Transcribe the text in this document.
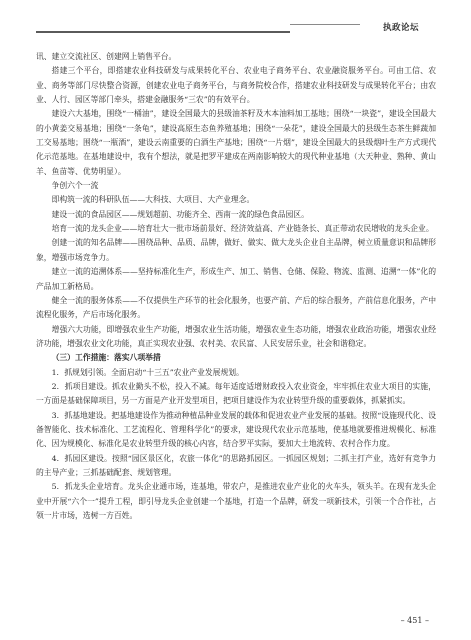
执政论坛

讯、建立交流社区、创建网上销售平台。

搭建三个平台，即搭建农业科技研发与成果转化平台、农业电子商务平台、农业融资服务平台。可由工信、农业、商务等部门尽快整合资源，创建农业电子商务平台，与商务院校合作，搭建农业科技研发与成果转化平台；由农业、人行、园区等部门牵头，搭建金融服务“三农”的有效平台。

建设六大基地，围绕“一桶油”，建设全国最大的县级油茶籽及木本油料加工基地；围绕“一块瓷”，建设全国最大的小黄姜交易基地；围绕“一条龟”，建设高原生态鱼养殖基地；围绕“一朵花”，建设全国最大的县级生态茶生鲜蔬加工交易基地；围绕“一瓶酒”，建设云南重要的白酒生产基地；围绕“一片烟”，建设全国最大的县级烟叶生产方式现代化示范基地。在基地建设中，我有个想法，就是把罗平建成在两南影响较大的现代种业基地（大天种业、熟种、黄山羊、鱼苗等、优势明显）。

争创六个一流

即构筑一流的科研队伍——大科技、大项目、大产业理念。

建设一流的食品园区——规划超前、功能齐全、西南一流的绿色食品园区。

培育一流的龙头企业——培育壮大一批市场前景好、经济效益高、产业链条长、真正带动农民增收的龙头企业。

创建一流的知名品牌——围绕品种、品质、品牌，做好、做实、做大龙头企业自主品牌，树立质量意识和品牌形象，增强市场竞争力。

建立一流的追溯体系——坚持标准化生产，形成生产、加工、销售、仓储、保险、物流、监测、追溯“一体”化的产品加工新格局。

健全一流的服务体系——不仅提供生产环节的社会化服务，也要产前、产后的综合服务，产前信息化服务，产中流程化服务，产后市场化服务。

增强六大功能，即增强农业生产功能，增强农业生活功能，增强农业生态功能，增强农业政治功能，增强农业经济功能，增强农业文化功能，真正实现农业强、农村美、农民富、人民安居乐业，社会和谐稳定。

（三）工作措施：落实八项举措

1．抓规划引领。全面启动“十三五”农业产业发展规划。

2．抓项目建设。抓农业勤头不松，投入不减。每年适度适增财政投入农业资金，牢牢抓住农业大项目的实施，一方面是基础保障项目，另一方面是产业开发型项目，把项目建设作为农业转型升级的重要载体，抓紧抓实。

3．抓基地建设。把基地建设作为推动种植品种业发展的载体和促进农业产业发展的基础。按照“设施现代化、设备智能化、技术标准化、工艺流程化、管理科学化”的要求，建设现代农业示范基地，使基地就要推进规模化、标准化、因为规模化、标准化是农业转型升级的核心内容，结合罗平实际，要加大土地流转、农村合作力度。

4．抓园区建设。按照“园区景区化，农旅一体化”的思路抓园区。一抓园区规划；二抓主打产业，选好有竞争力的主导产业；三抓基础配套、规划管理。

5．抓龙头企业培育。龙头企业通市场，连基地，带农户，是推进农业产业化的火车头，领头羊。在现有龙头企业中开展“六个一”提升工程，即引导龙头企业创建一个基地，打造一个品牌，研发一项新技术，引领一个合作社，占领一片市场，选树一方百姓。

– 451 –
